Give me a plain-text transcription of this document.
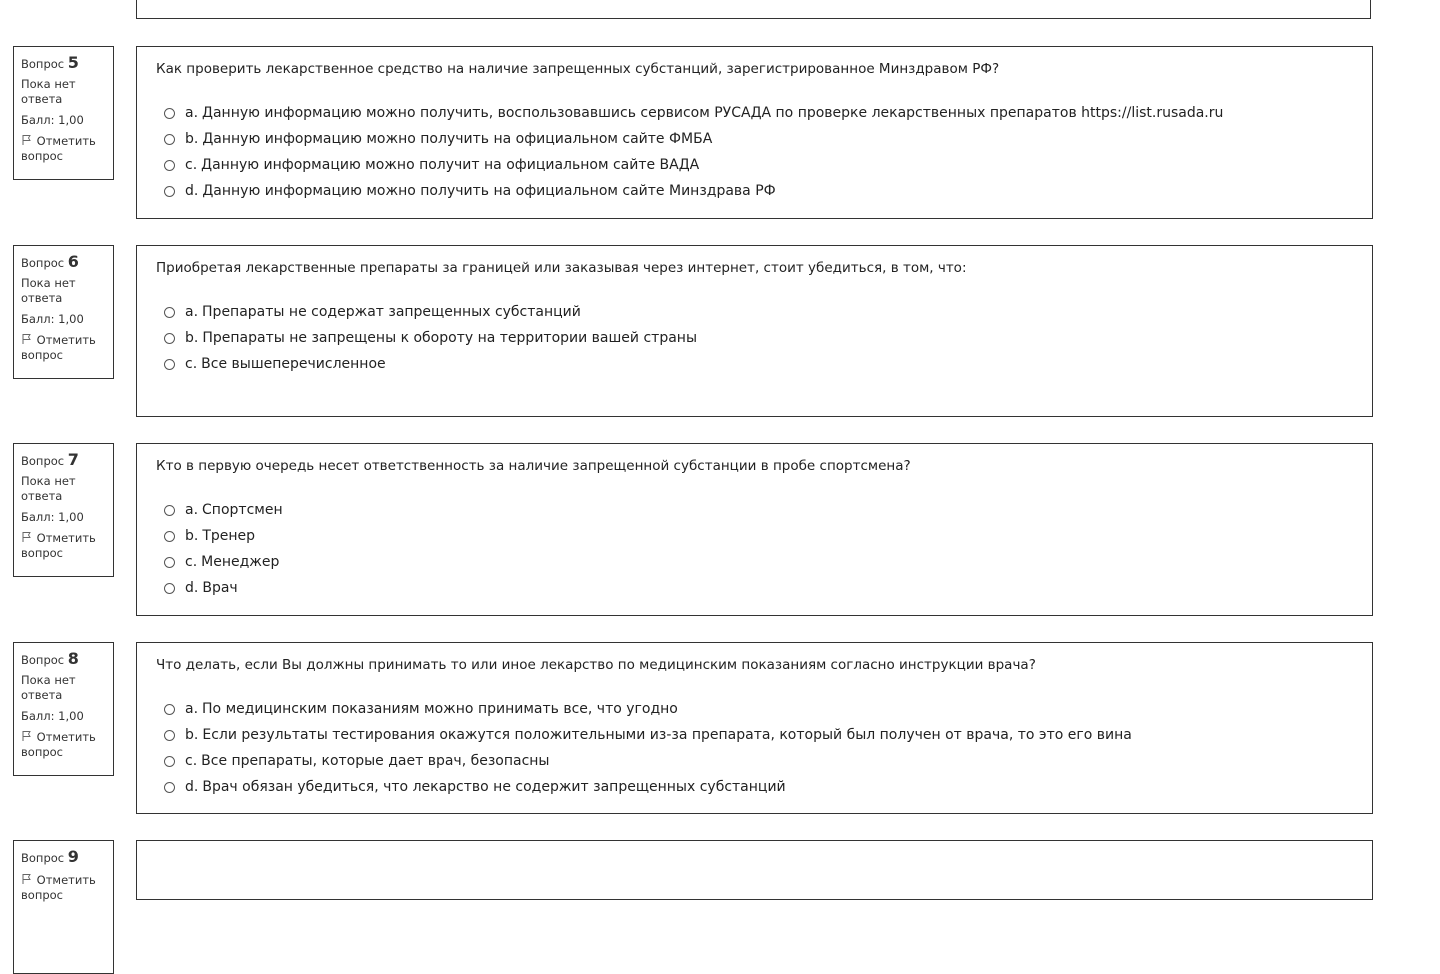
Вопрос 5
Пока нет ответа
Балл: 1,00
Отметить вопрос
Как проверить лекарственное средство на наличие запрещенных субстанций, зарегистрированное Минздравом РФ?
a. Данную информацию можно получить, воспользовавшись сервисом РУСАДА по проверке лекарственных препаратов https://list.rusada.ru
b. Данную информацию можно получить на официальном сайте ФМБА
c. Данную информацию можно получит на официальном сайте ВАДА
d. Данную информацию можно получить на официальном сайте Минздрава РФ
Вопрос 6
Пока нет ответа
Балл: 1,00
Отметить вопрос
Приобретая лекарственные препараты за границей или заказывая через интернет, стоит убедиться, в том, что:
a. Препараты не содержат запрещенных субстанций
b. Препараты не запрещены к обороту на территории вашей страны
c. Все вышеперечисленное
Вопрос 7
Пока нет ответа
Балл: 1,00
Отметить вопрос
Кто в первую очередь несет ответственность за наличие запрещенной субстанции в пробе спортсмена?
a. Спортсмен
b. Тренер
c. Менеджер
d. Врач
Вопрос 8
Пока нет ответа
Балл: 1,00
Отметить вопрос
Что делать, если Вы должны принимать то или иное лекарство по медицинским показаниям согласно инструкции врача?
a. По медицинским показаниям можно принимать все, что угодно
b. Если результаты тестирования окажутся положительными из-за препарата, который был получен от врача, то это его вина
c. Все препараты, которые дает врач, безопасны
d. Врач обязан убедиться, что лекарство не содержит запрещенных субстанций
Вопрос 9
Отметить вопрос
